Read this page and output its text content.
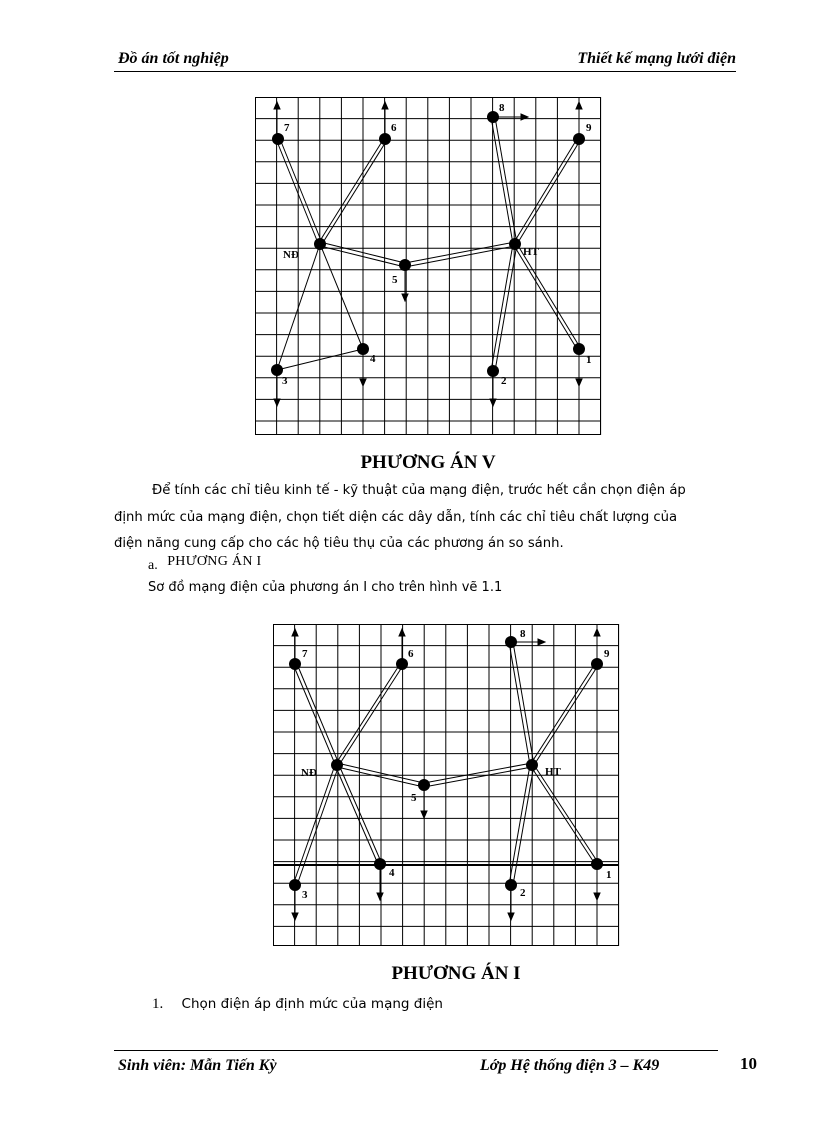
Đồ án tốt nghiệp	Thiết kế mạng lưới điện
7	6
8
9
NĐ
5
HT
3
4
2
1
PHƯƠNG ÁN V
Để tính các chỉ tiêu kinh tế - kỹ thuật của mạng điện, trước hết cần chọn điện áp
định mức của mạng điện, chọn tiết diện các dây dẫn, tính các chỉ tiêu chất lượng của
điện năng cung cấp cho các hộ tiêu thụ của các phương án so sánh.
a. PHƯƠNG ÁN I
Sơ đồ mạng điện của phương án I cho trên hình vẽ 1.1
7	6
8
9
NĐ
5
HT
3
4
2
1
PHƯƠNG ÁN I
1. Chọn điện áp định mức của mạng điện
Sinh viên: Mẫn Tiến Kỳ	Lớp Hệ thống điện 3 – K49	10
